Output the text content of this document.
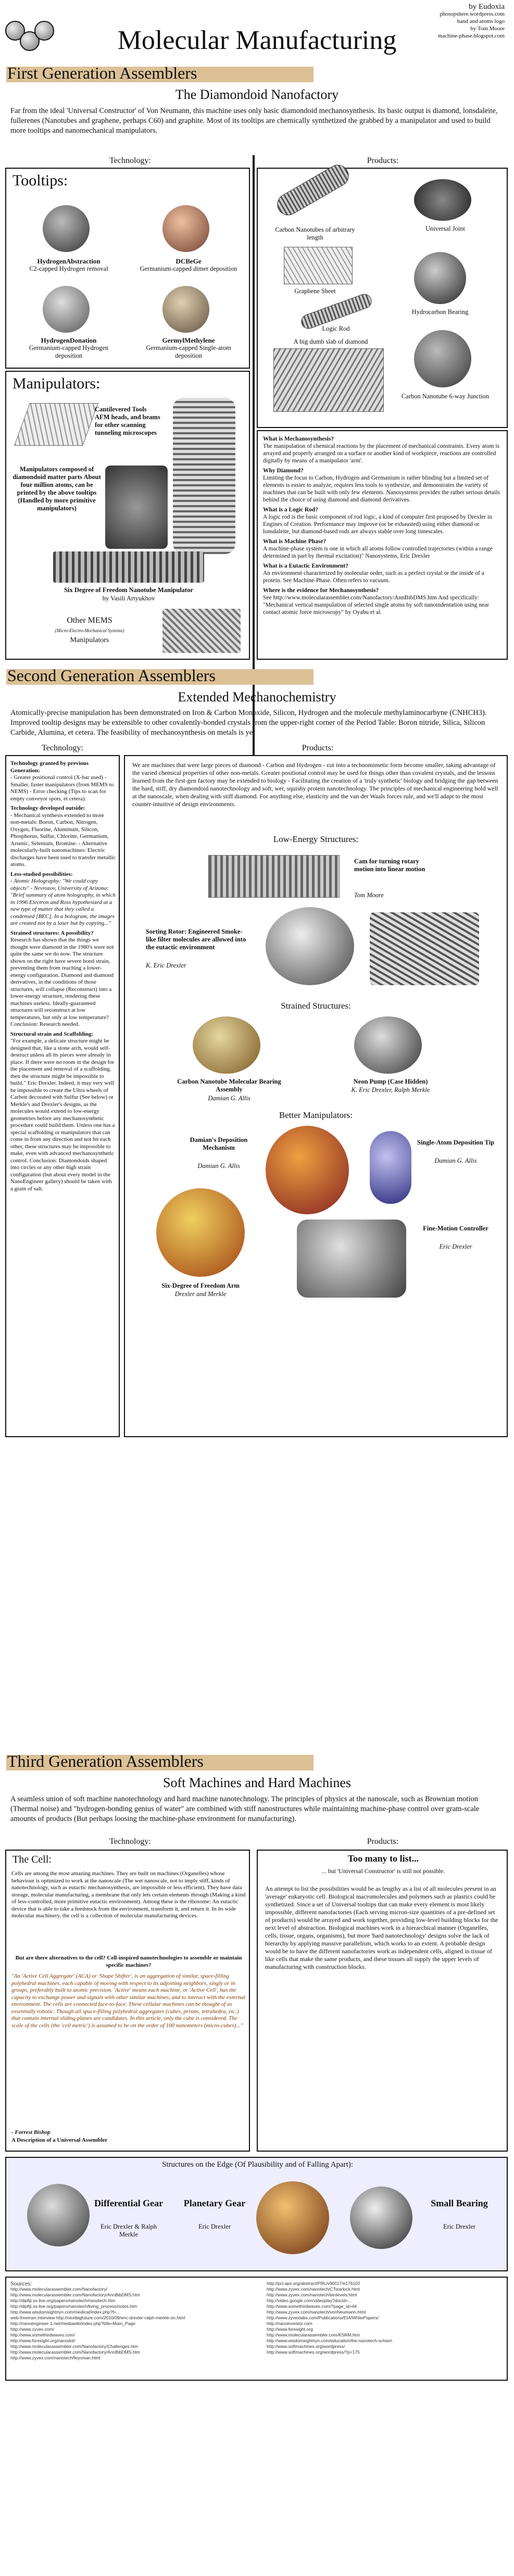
by Eudoxia
phosopshere.wordpress.com
hand and atoms logo
by Tom Moore
machine-phase.blogspot.com
Molecular Manufacturing
First Generation Assemblers
The Diamondoid Nanofactory
Far from the ideal 'Universal Constructor' of Von Neumann, this machine uses only basic diamondoid mechanosynthesis. Its basic output is diamond, lonsdaleite, fullerenes (Nanotubes and graphene, perhaps C60) and graphite. Most of its tooltips are chemically synthetized the grabbed by a manipulator and used to build more tooltips and nanomechanical manipulators.
Technology:	Products:
Tooltips:
HydrogenAbstraction
C2-capped Hydrogen removal
DCBeGe
Germanium-capped dimer deposition
HydrogenDonation
Germanium-capped Hydrogen deposition
GermylMethylene
Germanium-capped Single-atom deposition
Manipulators:
Cantilevered Tools AFM heads, and beams for other scanning tunneling microscopes
Manipulators composed of diamondoid matter parts About four million atoms, can be printed by the above tooltips (Handled by more primitive manipulators)
Six Degree of Freedom Nanotube Manipulator
by Vasili Artyukhov
Other MEMS
(Micro-Electro-Mechanical Systems)
Manipulators
Carbon Nanotubes of arbitrary length
Universal Joint
Graphene Sheet
Logic Rod
Hydrocarbon Bearing
A big dumb slab of diamond
Carbon Nanotube 6-way Junction

What is Mechanosynthesis?
The manipulation of chemical reactions by the placement of mechanical constraints. Every atom is arrayed and properly arranged on a surface or another kind of workpiece, reactions are controlled digitally by means of a manipulator 'arm'.

Why Diamond?
Limiting the focus to Carbon, Hydrogen and Germanium is rather blinding but a limited set of elements is easier to analyze, requires less tools to synthesize, and demonstrates the variety of machines that can be built with only few elements. Nanosystems provides the rather serious details behind the choice of using diamond and diamond derivatives.

What is a Logic Rod?
A logic rod is the basic component of rod logic, a kind of computer first proposed by Drexler in Engines of Creation. Performance may improve (or be exhausted) using either diamond or lonsdaleite, but diamond-based rods are always stable over long timescales.

What is Machine Phase?
A machine-phase system is one in which all atoms follow controlled trajectories (within a range determined in part by thermal excitation)" Nanosystems, Eric Drexler

What is a Eutactic Environment?
An environment characterized by molecular order, such as a perfect crystal or the inside of a protein. See Machine-Phase. Often refers to vacuum.

Where is the evidence for Mechanosynthesis?
See http://www.molecularassembler.com/Nanofactory/AnnBibDMS.htm And specifically: "Mechanical vertical manipulation of selected single atoms by soft nanoindentation using near contact atomic force microscopy" by Oyabu et al.

Second Generation Assemblers
Extended Mechanochemistry
Atomically-precise manipulation has been demonstrated on Iron & Carbon Monoxide, Silicon, Hydrogen and the molecule methylaminocarbyne (CNHCH3). Improved tooltip designs may be extensible to other covalently-bonded crystals from the upper-right corner of the Period Table: Boron nitride, Silica, Silicon Carbide, Alumina, et cetera. The feasibility of mechanosynthesis on metals is yet
Technology:	Products:

Technology granted by previous Generation:
- Greater positional control (X-bar used) - Smaller, faster manipulators (from MEMS to NEMS) - Error checking (Tips to scan for empty conveyor spots, et cetera).

Technology developed outside:
- Mechanical synthesis extended to more non-metals: Boron, Carbon, Nitrogen, Oxygen, Fluorine, Aluminum, Silicon, Phosphorus, Sulfur, Chlorine, Germanium, Arsenic, Selenium, Bromine. - Alternative molecularly-built nanomachines: Electric discharges have been used to transfer metallic atoms.

Less-studied possibilities:
- Atomic Holography: "We could copy objects" - Nevrozov, University of Arizona: "Brief summary of atom holography, in which in 1996 Electron and Ross hypothesized at a new type of matter that they called a condensed [BEC]. In a hologram, the images are created not by a laser but by copying..."

Strained structures: A possibility?
Research has shown that the things we thought were diamond in the 1980's were not quite the same we do now. The structure shown on the right have severe bond strain, preventing them from reaching a lower-energy configuration. Diamond and diamond derivatives, in the conditions of those structures, will collapse (Reconstruct) into a lower-energy structure, rendering these machines useless. Ideally-guaranteed structures will reconstruct at low temperatures, but only at low temperature? Conclusion: Research needed.

Structural strain and Scaffolding:
"For example, a delicate structure might be designed that, like a stone arch, would self-destruct unless all its pieces were already in place. If there were no room in the design for the placement and removal of a scaffolding, then the structure might be impossible to build." Eric Drexler. Indeed, it may very well be impossible to create the Ultra wheels of Carbon decorated with Sulfur (See below) or Merkle's and Drexler's designs, as the molecules would extend to low-energy geometries before any mechanosynthetic procedure could build them. Unless one has a special scaffolding or manipulators that can come in from any direction and not hit each other, these structures may be impossible to make, even with advanced mechanosynthetic control. Conclusion: Diamondoids shaped into circles or any other high strain configuration (but about every model in the NanoEngineer gallery) should be taken with a grain of salt.

We are machines that were large pieces of diamond - Carbon and Hydrogen - cut into a technomimetic form become smaller, taking advantage of the varied chemical properties of other non-metals. Greater positional control may be used for things other than covalent crystals, and the lessons learned from the first-gen factory may be extended to biology - Facilitating the creation of a 'truly synthetic' biology and bridging the gap between the hard, stiff, dry diamondoid nanotechnology and soft, wet, squishy protein nanotechnology. The principles of mechanical engineering hold well at the nanoscale, when dealing with stiff diamond. For anything else, elasticity and the van der Waals forces rule, and we'll adapt to the most counter-intuitive of design environments.
Low-Energy Structures:
Cam for turning rotary motion into linear motion
Tom Moore
Sorting Rotor: Engineered Smoke-like filter molecules are allowed into the eutactic environment
K. Eric Drexler
Strained Structures:
Carbon Nanotube Molecular Bearing Assembly
Damian G. Allis
Neon Pump (Case Hidden)
K. Eric Drexler, Ralph Merkle
Better Manipulators:
Damian's Deposition Mechanism
Damian G. Allis
Single-Atom Deposition Tip
Damian G. Allis
Six-Degree of Freedom Arm
Drexler and Merkle
Fine-Motion Controller
Eric Drexler
Third Generation Assemblers
Soft Machines and Hard Machines
A seamless union of soft machine nanotechnology and hard machine nanotechnology. The principles of physics at the nanoscale, such as Brownian motion (Thermal noise) and "hydrogen-bonding genius of water" are combined with stiff nanostructures while maintaining machine-phase control over gram-scale amounts of products (But perhaps loosing the machine-phase environment for manufacturing).
Technology:	Products:
The Cell:
Cells are among the most amazing machines. They are built on machines (Organelles) whose behaviour is optimized to work at the nanoscale (The wet nanoscale, not to imply stiff, kinds of nanotechnology, such as eutactic mechanosynthesis, are impossible or less efficient). They have data storage, molecular manufacturing, a membrane that only lets certain elements through (Making a kind of less-controlled, more primitive eutactic environment). Among these is the ribosome: An eutactic device that is able to take a feedstock from the environment, transform it, and return it. In its wide molecular machinery, the cell is a collection of molecular manufacturing devices.
But are there alternatives to the cell? Cell-inspired nanotechnologies to assemble or maintain specific machines?
"An 'Active Cell Aggregate' (ACA) or 'Shape Shifter', is an aggregation of similar, space-filling polyhedral machines, each capable of moving with respect to its adjoining neighbors, singly or in groups, preferably built to atomic precision. 'Active' means each machine, or 'Active Cell', has the capacity to exchange power and signals with other similar machines, and to interact with the external environment. The cells are connected face-to-face. These cellular machines can be thought of as essentially robotic. Though all space-filling polyhedral aggregates (cubes, prisms, tetrahedra, etc.) that contain internal sliding planes are candidates. In this article, only the cube is considered. The scale of the cells (the 'cell metric') is assumed to be on the order of 100 nanometers (micro-cubes)..."
- Forrest Bishop
A Description of a Universal Assembler
Too many to list...
... but 'Universal Constructor' is still not possible.
An attempt to list the possibilities would be as lengthy as a list of all molecules present in an 'average' eukaryotic cell. Biological macromolecules and polymers such as plastics could be synthetized. Since a set of Universal tooltips that can make every element is most likely impossible, different nanofactories (Each serving micron-size quantities of a pre-defined set of products) would be arrayed and work together, providing low-level building blocks for the next level of abstraction. Biological machines work in a hierarchical manner (Organelles, cells, tissue, organs, organisms), but more 'hard nanotechnology' designs solve the lack of hierarchy by applying massive parallelism, which works to an extent. A probable design would be to have the different nanofactories work as independent cells, aligned in tissue of like cells that make the same products, and these tissues all supply the upper levels of manufacturing with construction blocks.
Structures on the Edge (Of Plausibility and of Falling Apart):
Differential Gear
Eric Drexler & Ralph Merkle
Planetary Gear
Eric Drexler
Small Bearing
Eric Drexler
Sources:
http://www.molecularassembler.com/Nanofactory/
http://www.molecularassembler.com/Nanofactory/AnnBibDMS.htm
http://dipfiji.ss-live.org/papers/nanotech/nanotech.htm
http://dipfiji.ss-live.org/papers/nanotech/living_process/notes.htm
http://www.wisdomsightnyn.com/medical/index.php?f=...
web-freeman.interview http://nextbigfuture.com/2010/09/eric-drexler-ralph-merkle-on.html
http://nanoengineer-1.net/mediawiki/index.php?title=Main_Page
http://www.zyvex.com/
http://www.somethirdwaves.com/
http://www.foresight.org/nanodot/
http://www.molecularassembler.com/Nanofactory/Challenges.htm
http://www.molecularassembler.com/Nanofactory/AnnBibDMS.htm
http://www.zyvex.com/nanotech/feynman.html
http://pcl.aps.org/abstract/PRL/v90/i17/e176102
http://www.zyvex.com/nanotech/CTstarkick.html
http://www.zyvex.com/nanotech/tenlevels.html
http://video.google.com/videoplay?docid=...
http://www.somethirdwaves.com/?page_id=44
http://www.zyvex.com/nanotech/vonNeumann.html
http://www.zyvexlabs.com/Publications/EIA/WhitePapers/
http://nanoinvestor.com
http://www.foresight.org
http://www.molecularassembler.com/KSRM.htm
http://www.wisdomsightnyn.com/education/the-nanotech-schism
http://www.softmachines.org/wordpress/
http://www.softmachines.org/wordpress/?p=175
